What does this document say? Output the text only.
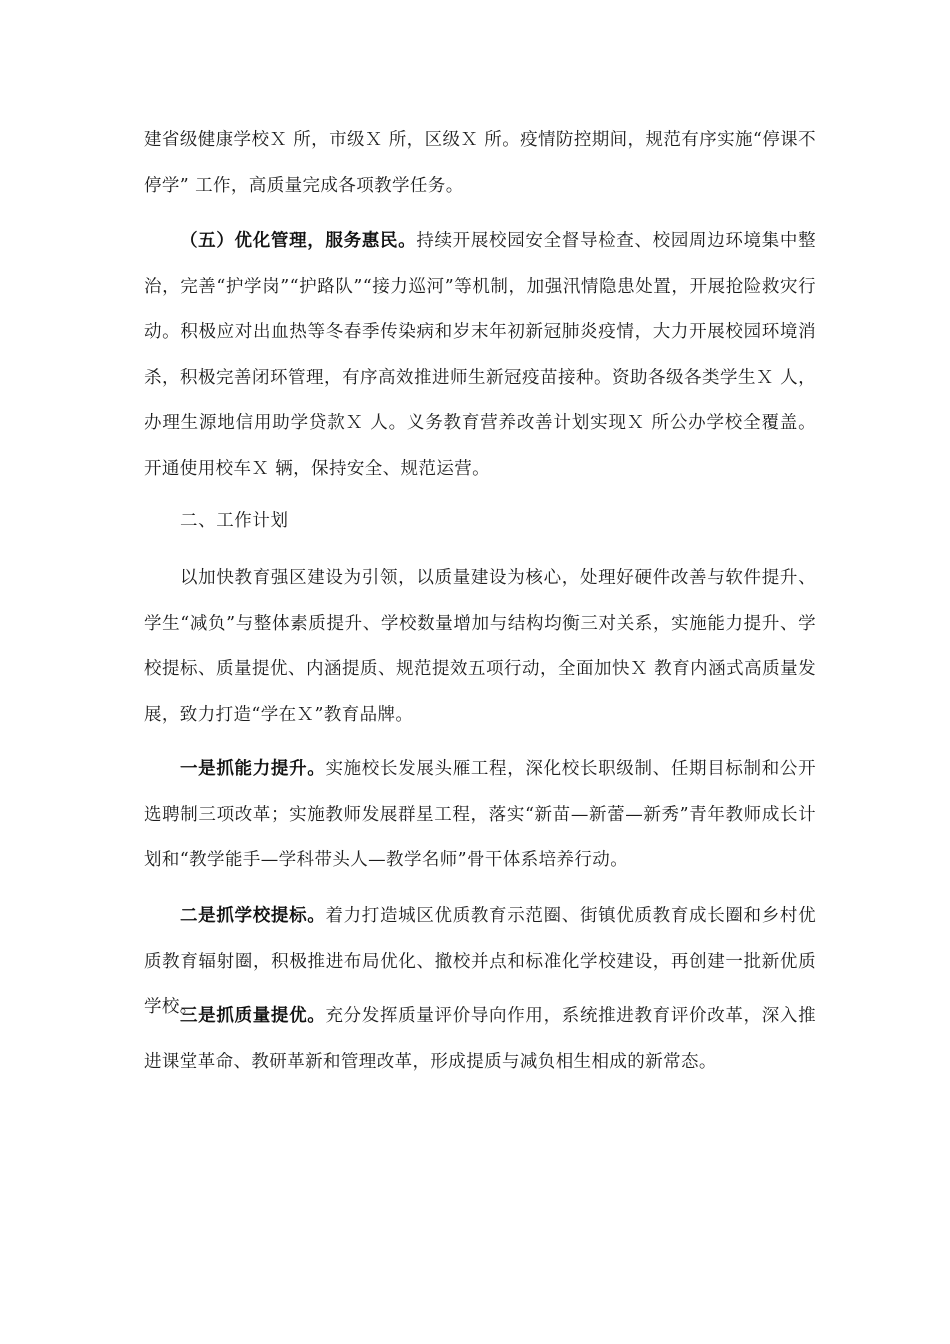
建省级健康学校Ｘ 所，市级Ｘ 所，区级Ｘ 所。疫情防控期间，规范有序实施“停课不停学” 工作，高质量完成各项教学任务。

（五）优化管理，服务惠民。持续开展校园安全督导检查、校园周边环境集中整治，完善“护学岗”“护路队”“接力巡河”等机制，加强汛情隐患处置，开展抢险救灾行动。积极应对出血热等冬春季传染病和岁末年初新冠肺炎疫情，大力开展校园环境消杀，积极完善闭环管理，有序高效推进师生新冠疫苗接种。资助各级各类学生Ｘ 人，办理生源地信用助学贷款Ｘ 人。义务教育营养改善计划实现Ｘ 所公办学校全覆盖。开通使用校车Ｘ 辆，保持安全、规范运营。

二、工作计划

以加快教育强区建设为引领，以质量建设为核心，处理好硬件改善与软件提升、学生“减负”与整体素质提升、学校数量增加与结构均衡三对关系，实施能力提升、学校提标、质量提优、内涵提质、规范提效五项行动，全面加快Ｘ 教育内涵式高质量发展，致力打造“学在Ｘ”教育品牌。

一是抓能力提升。实施校长发展头雁工程，深化校长职级制、任期目标制和公开选聘制三项改革；实施教师发展群星工程，落实“新苗—新蕾—新秀”青年教师成长计划和“教学能手—学科带头人—教学名师”骨干体系培养行动。

二是抓学校提标。着力打造城区优质教育示范圈、街镇优质教育成长圈和乡村优质教育辐射圈，积极推进布局优化、撤校并点和标准化学校建设，再创建一批新优质学校。

三是抓质量提优。充分发挥质量评价导向作用，系统推进教育评价改革，深入推进课堂革命、教研革新和管理改革，形成提质与减负相生相成的新常态。
